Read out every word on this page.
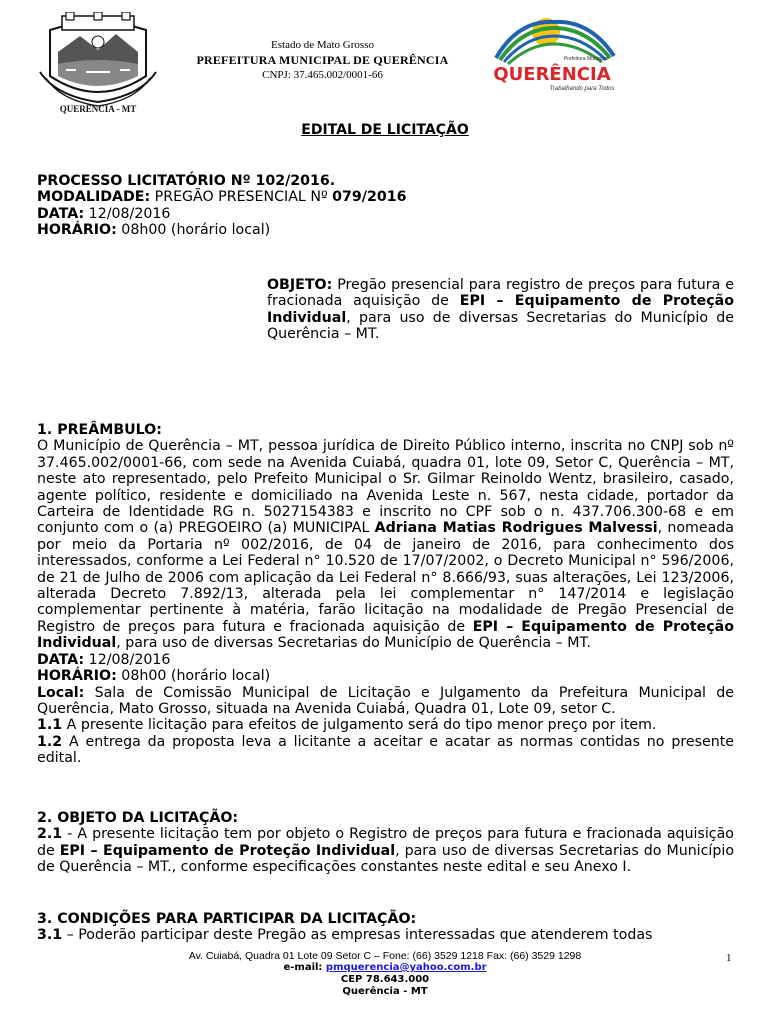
QUERÊNCIA - MT
Estado de Mato Grosso
PREFEITURA MUNICIPAL DE QUERÊNCIA
CNPJ: 37.465.002/0001-66
Prefeitura Municipal
QUERÊNCIA
Trabalhando para Todos
EDITAL DE LICITAÇÃO
PROCESSO LICITATÓRIO Nº 102/2016.
MODALIDADE: PREGÃO PRESENCIAL Nº 079/2016
DATA: 12/08/2016
HORÁRIO: 08h00 (horário local)
OBJETO: Pregão presencial para registro de preços para futura e fracionada aquisição de EPI – Equipamento de Proteção Individual, para uso de diversas Secretarias do Município de Querência – MT.
1. PREÂMBULO:

O Município de Querência – MT, pessoa jurídica de Direito Público interno, inscrita no CNPJ sob nº 37.465.002/0001-66, com sede na Avenida Cuiabá, quadra 01, lote 09, Setor C, Querência – MT, neste ato representado, pelo Prefeito Municipal o Sr. Gilmar Reinoldo Wentz, brasileiro, casado, agente político, residente e domiciliado na Avenida Leste n. 567, nesta cidade, portador da Carteira de Identidade RG n. 5027154383 e inscrito no CPF sob o n. 437.706.300-68 e em conjunto com o (a) PREGOEIRO (a) MUNICIPAL Adriana Matias Rodrigues Malvessi, nomeada por meio da Portaria nº 002/2016, de 04 de janeiro de 2016, para conhecimento dos interessados, conforme a Lei Federal n° 10.520 de 17/07/2002, o Decreto Municipal n° 596/2006, de 21 de Julho de 2006 com aplicação da Lei Federal n° 8.666/93, suas alterações, Lei 123/2006, alterada Decreto 7.892/13, alterada pela lei complementar n° 147/2014 e legislação complementar pertinente à matéria, farão licitação na modalidade de Pregão Presencial de Registro de preços para futura e fracionada aquisição de EPI – Equipamento de Proteção Individual, para uso de diversas Secretarias do Município de Querência – MT.

DATA: 12/08/2016
HORÁRIO: 08h00 (horário local)

Local: Sala de Comissão Municipal de Licitação e Julgamento da Prefeitura Municipal de Querência, Mato Grosso, situada na Avenida Cuiabá, Quadra 01, Lote 09, setor C.

1.1 A presente licitação para efeitos de julgamento será do tipo menor preço por item.

1.2 A entrega da proposta leva a licitante a aceitar e acatar as normas contidas no presente edital.

2. OBJETO DA LICITAÇÃO:

2.1 - A presente licitação tem por objeto o Registro de preços para futura e fracionada aquisição de EPI – Equipamento de Proteção Individual, para uso de diversas Secretarias do Município de Querência – MT., conforme especificações constantes neste edital e seu Anexo I.

3. CONDIÇÕES PARA PARTICIPAR DA LICITAÇÃO:

3.1 – Poderão participar deste Pregão as empresas interessadas que atenderem todas

Av. Cuiabá, Quadra 01 Lote 09 Setor C – Fone: (66) 3529 1218 Fax: (66) 3529 1298
e-mail: pmquerencia@yahoo.com.br
CEP 78.643.000
Querência - MT
1
